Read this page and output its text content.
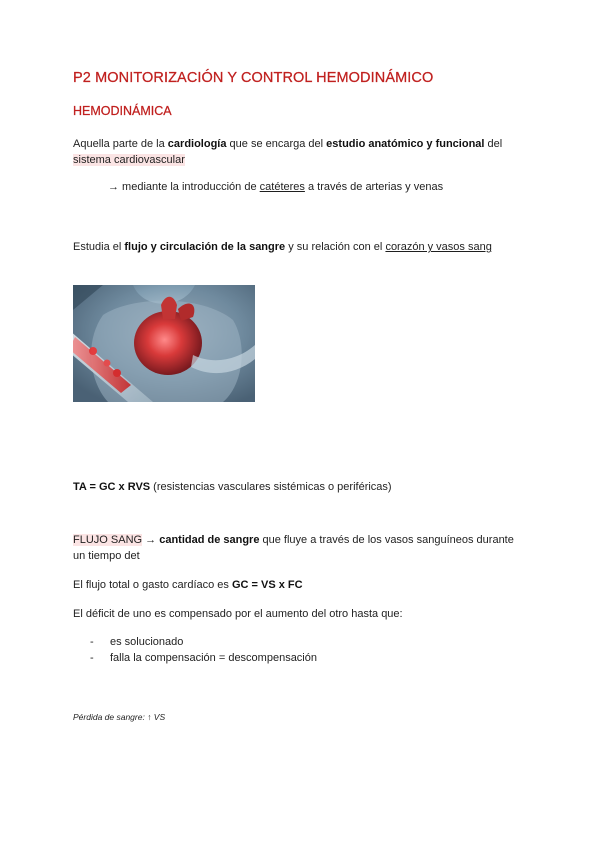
P2 MONITORIZACIÓN Y CONTROL HEMODINÁMICO
HEMODINÁMICA
Aquella parte de la cardiología que se encarga del estudio anatómico y funcional del
sistema cardiovascular
→ mediante la introducción de catéteres a través de arterias y venas
Estudia el flujo y circulación de la sangre y su relación con el corazón y vasos sang
TA = GC x RVS (resistencias vasculares sistémicas o periféricas)
FLUJO SANG → cantidad de sangre que fluye a través de los vasos sanguíneos durante
un tiempo det
El flujo total o gasto cardíaco es GC = VS x FC
El déficit de uno es compensado por el aumento del otro hasta que:
- es solucionado
- falla la compensación = descompensación
Pérdida de sangre: ↑ VS
